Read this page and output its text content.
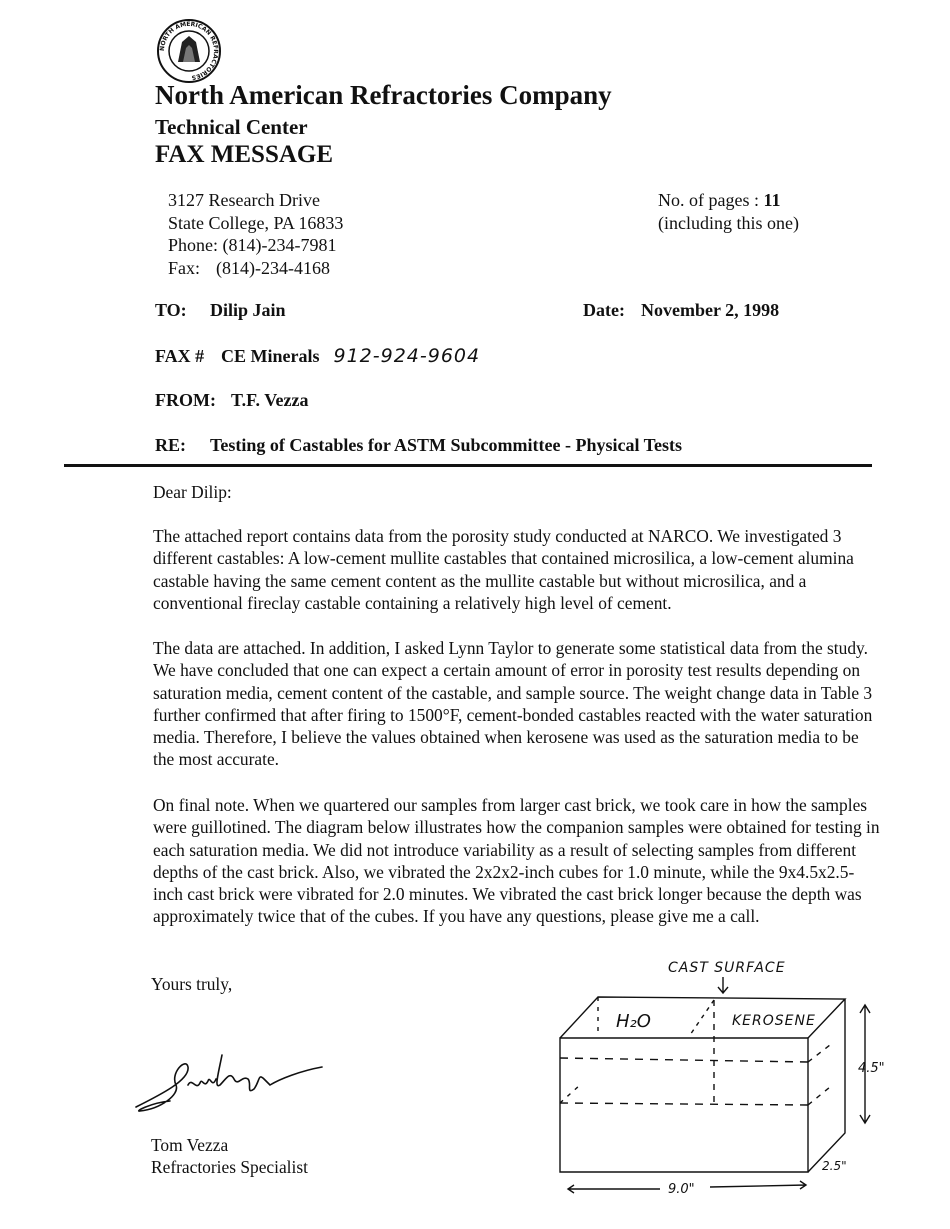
NORTH AMERICAN REFRACTORIES
North American Refractories Company
Technical Center
FAX MESSAGE
3127 Research Drive
State College, PA 16833
Phone: (814)-234-7981
Fax: (814)-234-4168
No. of pages : 11
(including this one)
TO: Dilip Jain	Date: November 2, 1998
FAX # CE Minerals 912-924-9604
FROM: T.F. Vezza
RE: Testing of Castables for ASTM Subcommittee - Physical Tests
Dear Dilip:
The attached report contains data from the porosity study conducted at NARCO. We investigated 3 different castables: A low-cement mullite castables that contained microsilica, a low-cement alumina castable having the same cement content as the mullite castable but without microsilica, and a conventional fireclay castable containing a relatively high level of cement.
The data are attached. In addition, I asked Lynn Taylor to generate some statistical data from the study. We have concluded that one can expect a certain amount of error in porosity test results depending on saturation media, cement content of the castable, and sample source. The weight change data in Table 3 further confirmed that after firing to 1500°F, cement-bonded castables reacted with the water saturation media. Therefore, I believe the values obtained when kerosene was used as the saturation media to be the most accurate.
On final note. When we quartered our samples from larger cast brick, we took care in how the samples were guillotined. The diagram below illustrates how the companion samples were obtained for testing in each saturation media. We did not introduce variability as a result of selecting samples from different depths of the cast brick. Also, we vibrated the 2x2x2-inch cubes for 1.0 minute, while the 9x4.5x2.5-inch cast brick were vibrated for 2.0 minutes. We vibrated the cast brick longer because the depth was approximately twice that of the cubes. If you have any questions, please give me a call.
Yours truly,
Tom Vezza
Refractories Specialist
CAST SURFACE
H₂O	KEROSENE
4.5"
2.5"
9.0"
